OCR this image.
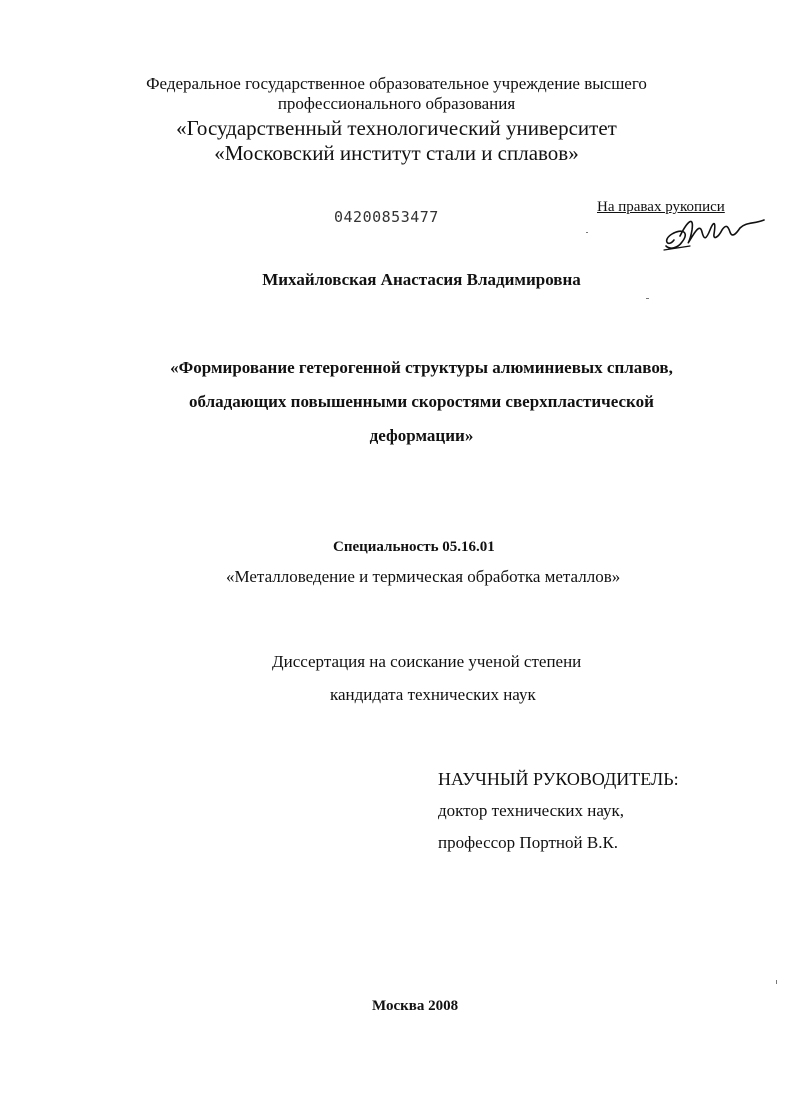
Федеральное государственное образовательное учреждение высшего
профессионального образования
«Государственный технологический университет
«Московский институт стали и сплавов»
04200853477
На правах рукописи
Михайловская Анастасия Владимировна
«Формирование гетерогенной структуры алюминиевых сплавов,
обладающих повышенными скоростями сверхпластической
деформации»
Специальность 05.16.01
«Металловедение и термическая обработка металлов»
Диссертация на соискание ученой степени
кандидата технических наук
НАУЧНЫЙ РУКОВОДИТЕЛЬ:
доктор технических наук,
профессор Портной В.К.
Москва 2008
